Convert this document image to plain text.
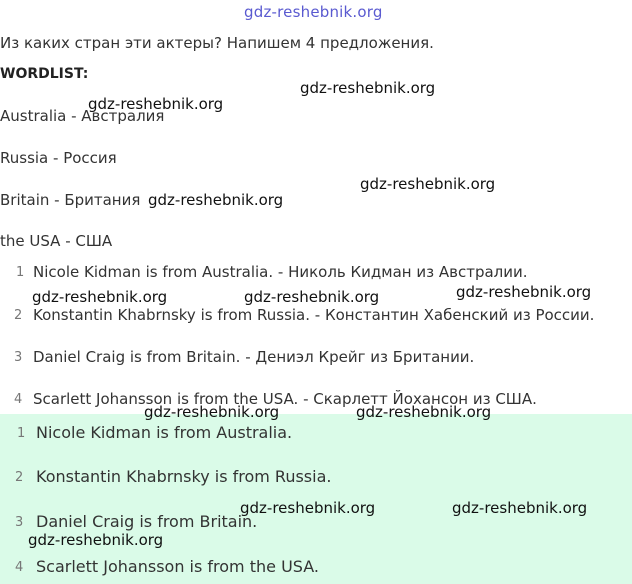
gdz-reshebnik.org
Из каких стран эти актеры? Напишем 4 предложения.
WORDLIST:
Australia - Австралия
Russia - Россия
Britain - Британия
the USA - США
1 Nicole Kidman is from Australia. - Николь Кидман из Австралии.
2 Konstantin Khabrnsky is from Russia. - Константин Хабенский из России.
3 Daniel Craig is from Britain. - Дениэл Крейг из Британии.
4 Scarlett Johansson is from the USA. - Скарлетт Йохансон из США.
1 Nicole Kidman is from Australia.
2 Konstantin Khabrnsky is from Russia.
3 Daniel Craig is from Britain.
4 Scarlett Johansson is from the USA.
gdz-reshebnik.org
gdz-reshebnik.org
gdz-reshebnik.org
gdz-reshebnik.org
gdz-reshebnik.org
gdz-reshebnik.org	gdz-reshebnik.org
gdz-reshebnik.org	gdz-reshebnik.org
gdz-reshebnik.org	gdz-reshebnik.org
gdz-reshebnik.org
